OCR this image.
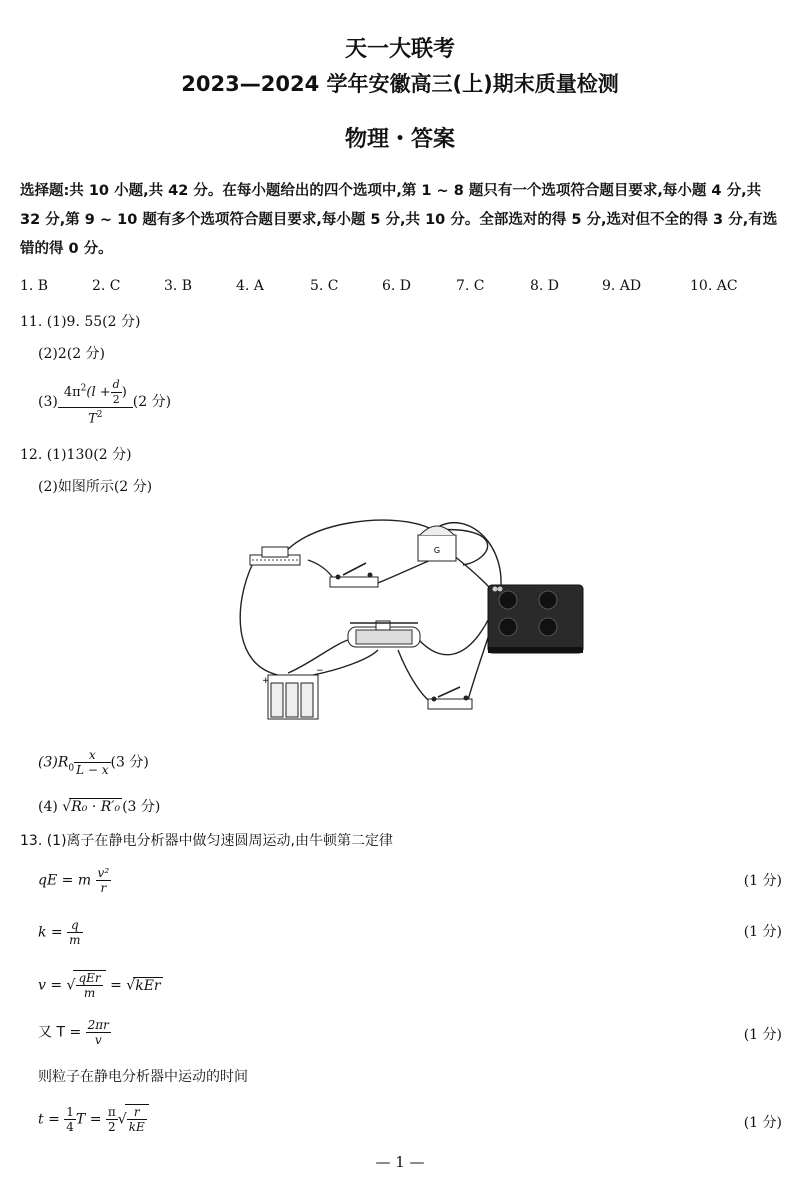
天一大联考
2023—2024 学年安徽高三(上)期末质量检测
物理・答案
选择题:共 10 小题,共 42 分。在每小题给出的四个选项中,第 1 ~ 8 题只有一个选项符合题目要求,每小题 4 分,共 32 分,第 9 ~ 10 题有多个选项符合题目要求,每小题 5 分,共 10 分。全部选对的得 5 分,选对但不全的得 3 分,有选错的得 0 分。
1. B	2. C	3. B	4. A	5. C	6. D	7. C	8. D	9. AD	10. AC
11. (1)9. 55(2 分)
(2)2(2 分)
$(3) \frac{4\pi^2(l + \frac{d}{2} )}{T^2} (2$ 分)
12. (1)130(2 分)
(2)如图所示(2 分)
G
+
−
$(3)R_0 \frac{x}{L - x} (3$ 分)
(4) √R₀ · R′₀ (3 分)
13. (1)离子在静电分析器中做匀速圆周运动,由牛顿第二定律
qE = m $\frac{\text{v²}}{r}$	(1 分)
$k = \frac{q}{m}$	(1 分)
v = √ $\frac{\text{qEr}}{m} = √kEr$
又 $T = \frac{2\pi r}{v}$	(1 分)
则粒子在静电分析器中运动的时间
$t = \frac{1}{4}$ $T = \frac{\pi}{2}$ √ $\frac{r}{kE}$	(1 分)
— 1 —
